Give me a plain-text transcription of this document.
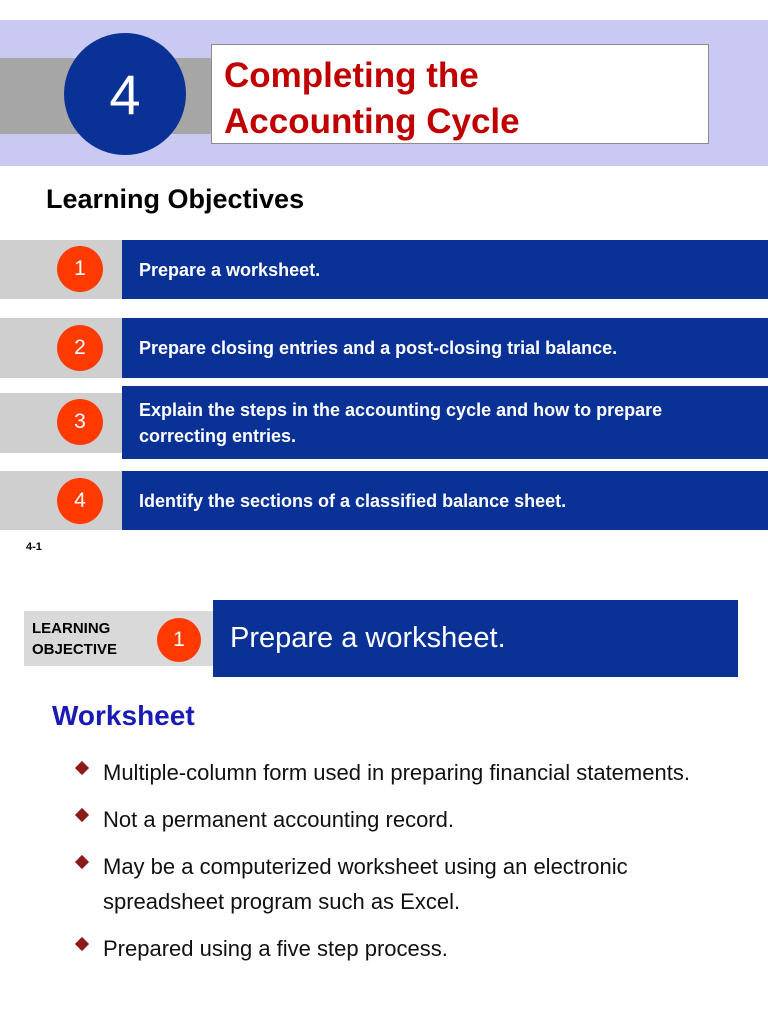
4	Completing the
Accounting Cycle
Learning Objectives
1	Prepare a worksheet.
2	Prepare closing entries and a post-closing trial balance.
3
Explain the steps in the accounting cycle and how to prepare correcting entries.
4	Identify the sections of a classified balance sheet.
4-1
LEARNING
OBJECTIVE	1	Prepare a worksheet.
Worksheet
Multiple-column form used in preparing financial statements.
Not a permanent accounting record.
May be a computerized worksheet using an electronic spreadsheet program such as Excel.
Prepared using a five step process.
